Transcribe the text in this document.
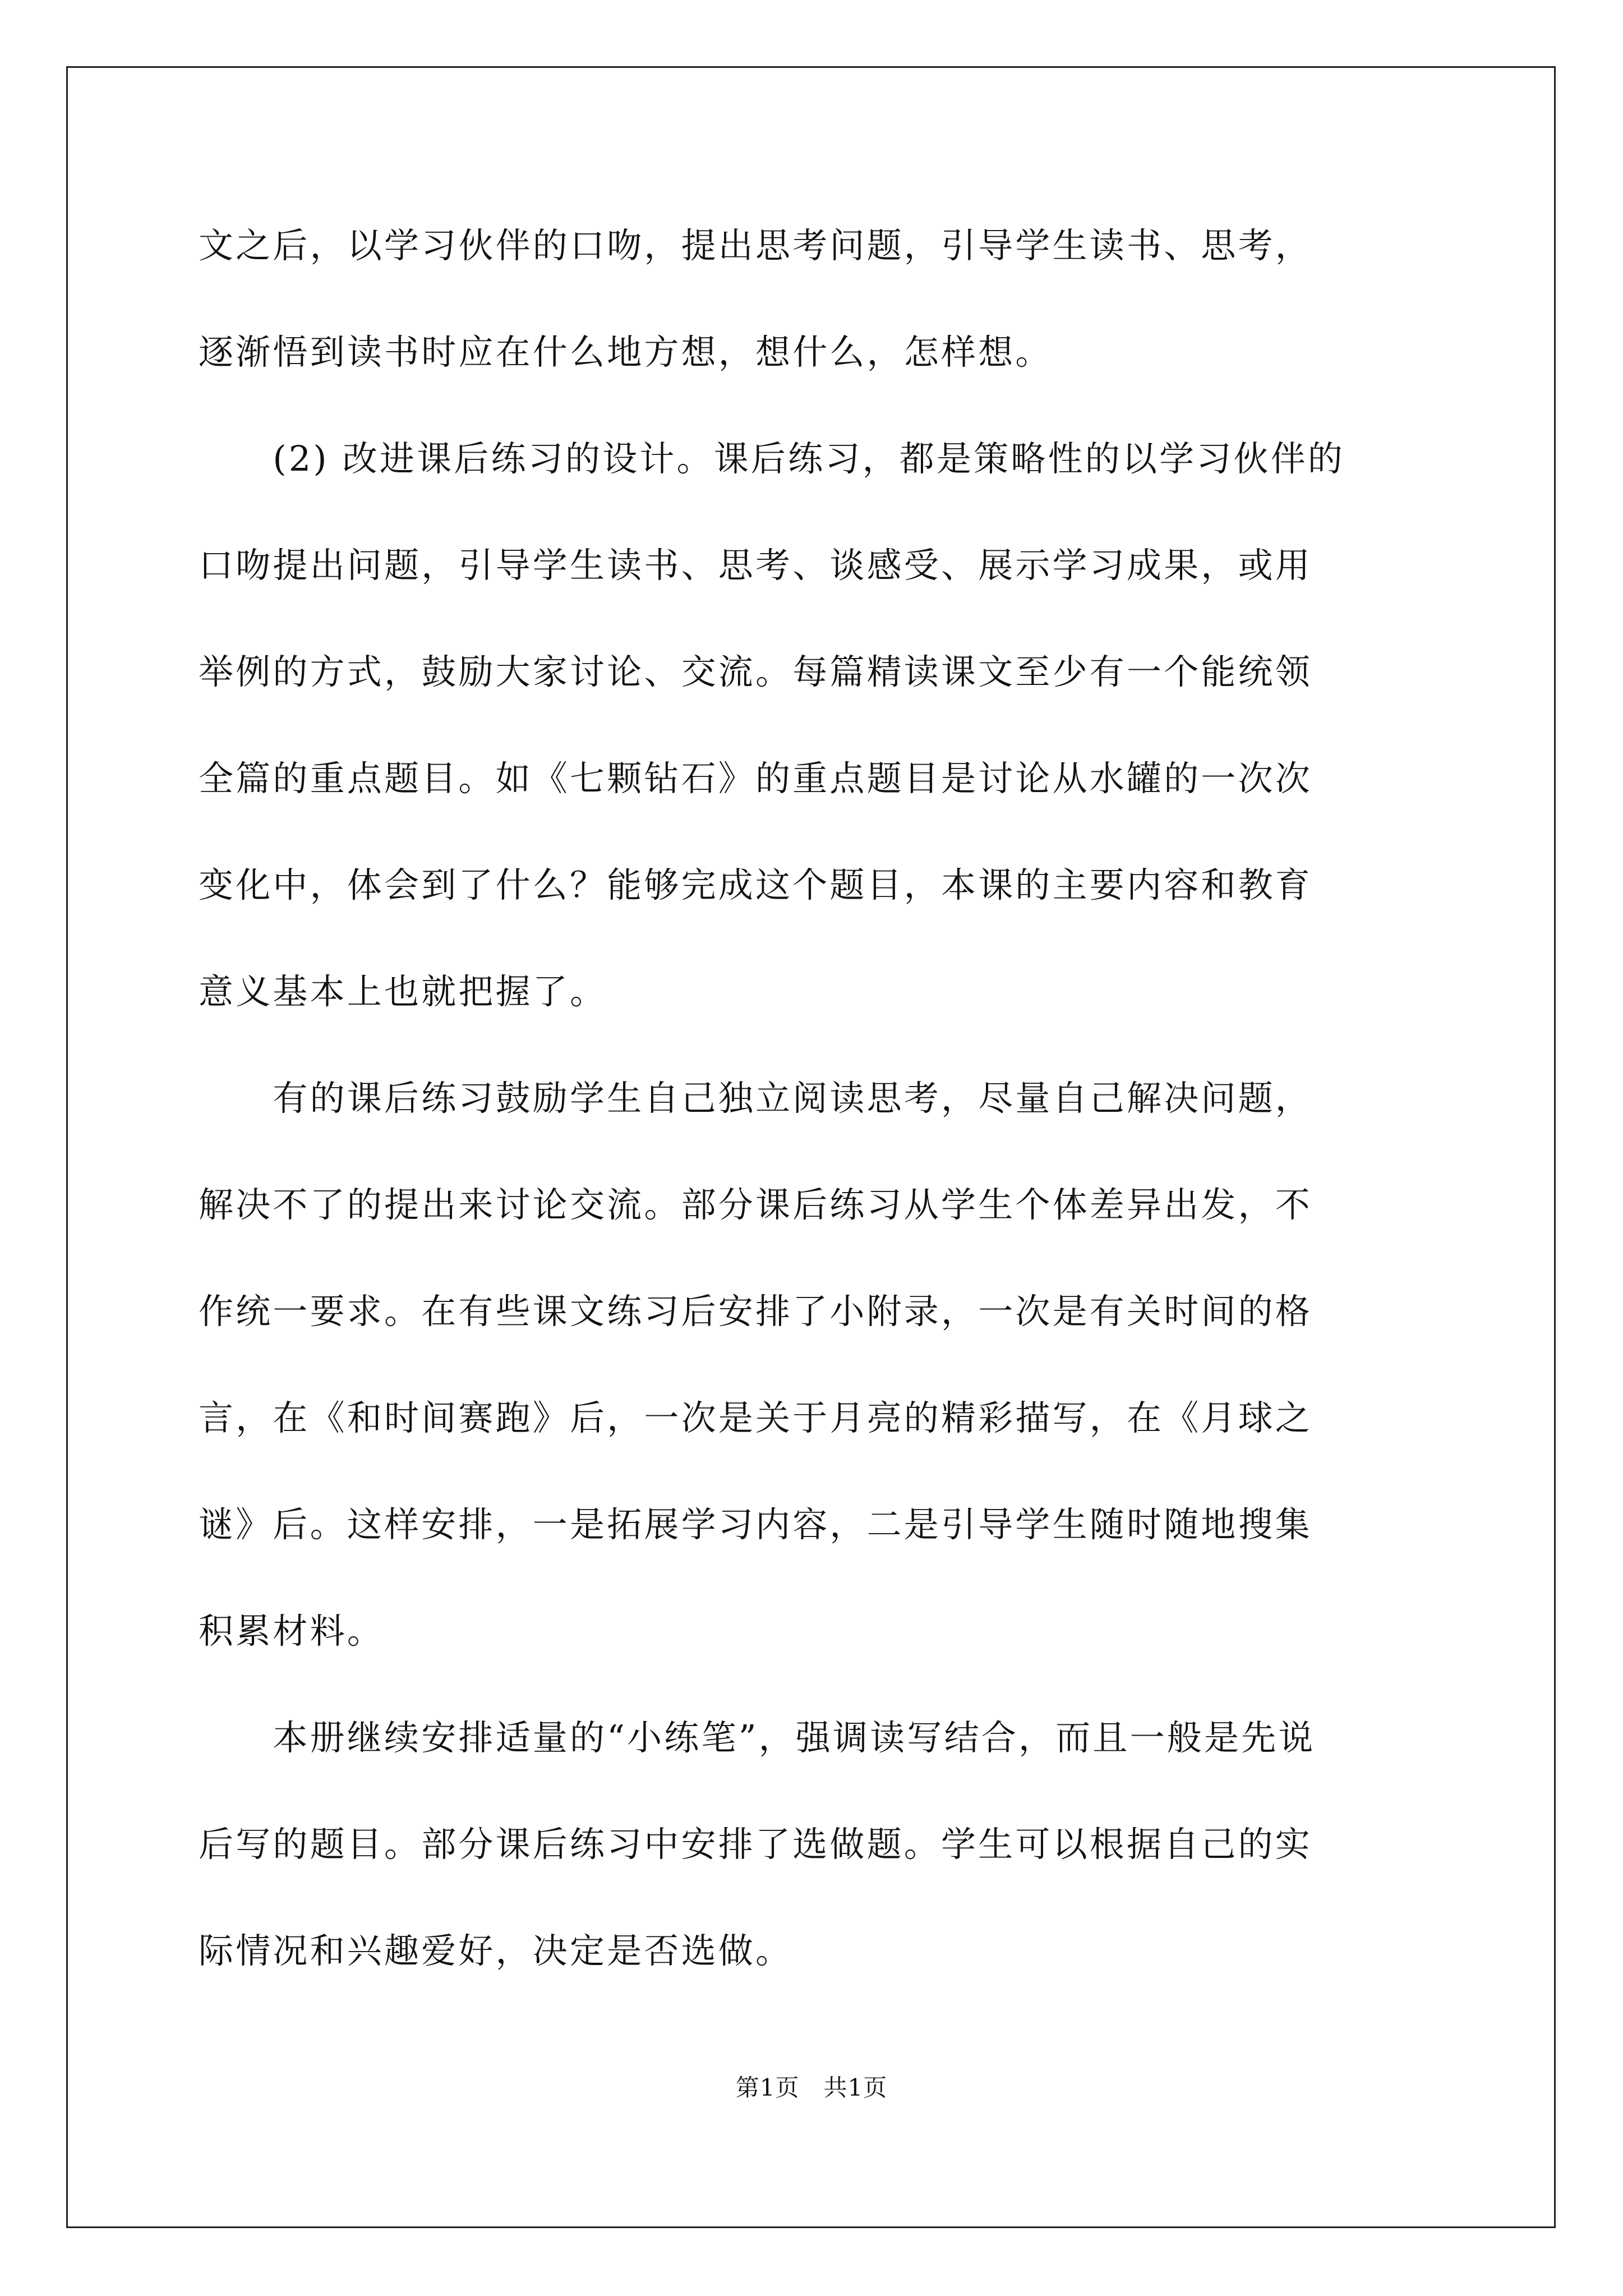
文之后，以学习伙伴的口吻，提出思考问题，引导学生读书、思考，
逐渐悟到读书时应在什么地方想，想什么，怎样想。
　　(2) 改进课后练习的设计。课后练习，都是策略性的以学习伙伴的
口吻提出问题，引导学生读书、思考、谈感受、展示学习成果，或用
举例的方式，鼓励大家讨论、交流。每篇精读课文至少有一个能统领
全篇的重点题目。如《七颗钻石》的重点题目是讨论从水罐的一次次
变化中，体会到了什么？能够完成这个题目，本课的主要内容和教育
意义基本上也就把握了。
　　有的课后练习鼓励学生自己独立阅读思考，尽量自己解决问题，
解决不了的提出来讨论交流。部分课后练习从学生个体差异出发，不
作统一要求。在有些课文练习后安排了小附录，一次是有关时间的格
言，在《和时间赛跑》后，一次是关于月亮的精彩描写，在《月球之
谜》后。这样安排，一是拓展学习内容，二是引导学生随时随地搜集
积累材料。
　　本册继续安排适量的“小练笔”，强调读写结合，而且一般是先说
后写的题目。部分课后练习中安排了选做题。学生可以根据自己的实
际情况和兴趣爱好，决定是否选做。
第1页　共1页
